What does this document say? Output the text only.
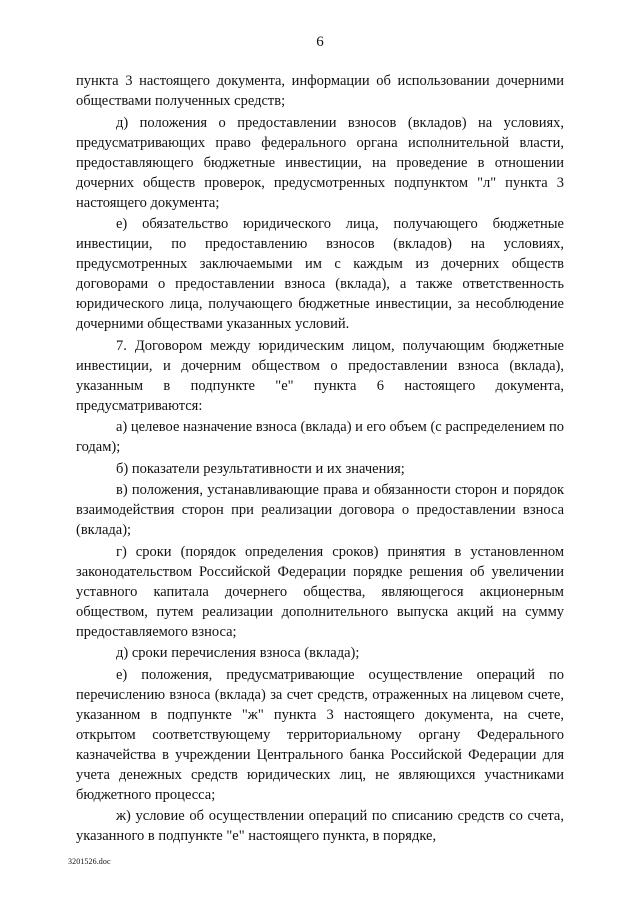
6

пункта 3 настоящего документа, информации об использовании дочерними обществами полученных средств;

д) положения о предоставлении взносов (вкладов) на условиях, предусматривающих право федерального органа исполнительной власти, предоставляющего бюджетные инвестиции, на проведение в отношении дочерних обществ проверок, предусмотренных подпунктом "л" пункта 3 настоящего документа;

е) обязательство юридического лица, получающего бюджетные инвестиции, по предоставлению взносов (вкладов) на условиях, предусмотренных заключаемыми им с каждым из дочерних обществ договорами о предоставлении взноса (вклада), а также ответственность юридического лица, получающего бюджетные инвестиции, за несоблюдение дочерними обществами указанных условий.

7. Договором между юридическим лицом, получающим бюджетные инвестиции, и дочерним обществом о предоставлении взноса (вклада), указанным в подпункте "е" пункта 6 настоящего документа, предусматриваются:

а) целевое назначение взноса (вклада) и его объем (с распределением по годам);

б) показатели результативности и их значения;

в) положения, устанавливающие права и обязанности сторон и порядок взаимодействия сторон при реализации договора о предоставлении взноса (вклада);

г) сроки (порядок определения сроков) принятия в установленном законодательством Российской Федерации порядке решения об увеличении уставного капитала дочернего общества, являющегося акционерным обществом, путем реализации дополнительного выпуска акций на сумму предоставляемого взноса;

д) сроки перечисления взноса (вклада);

е) положения, предусматривающие осуществление операций по перечислению взноса (вклада) за счет средств, отраженных на лицевом счете, указанном в подпункте "ж" пункта 3 настоящего документа, на счете, открытом соответствующему территориальному органу Федерального казначейства в учреждении Центрального банка Российской Федерации для учета денежных средств юридических лиц, не являющихся участниками бюджетного процесса;

ж) условие об осуществлении операций по списанию средств со счета, указанного в подпункте "е" настоящего пункта, в порядке,

3201526.doc
